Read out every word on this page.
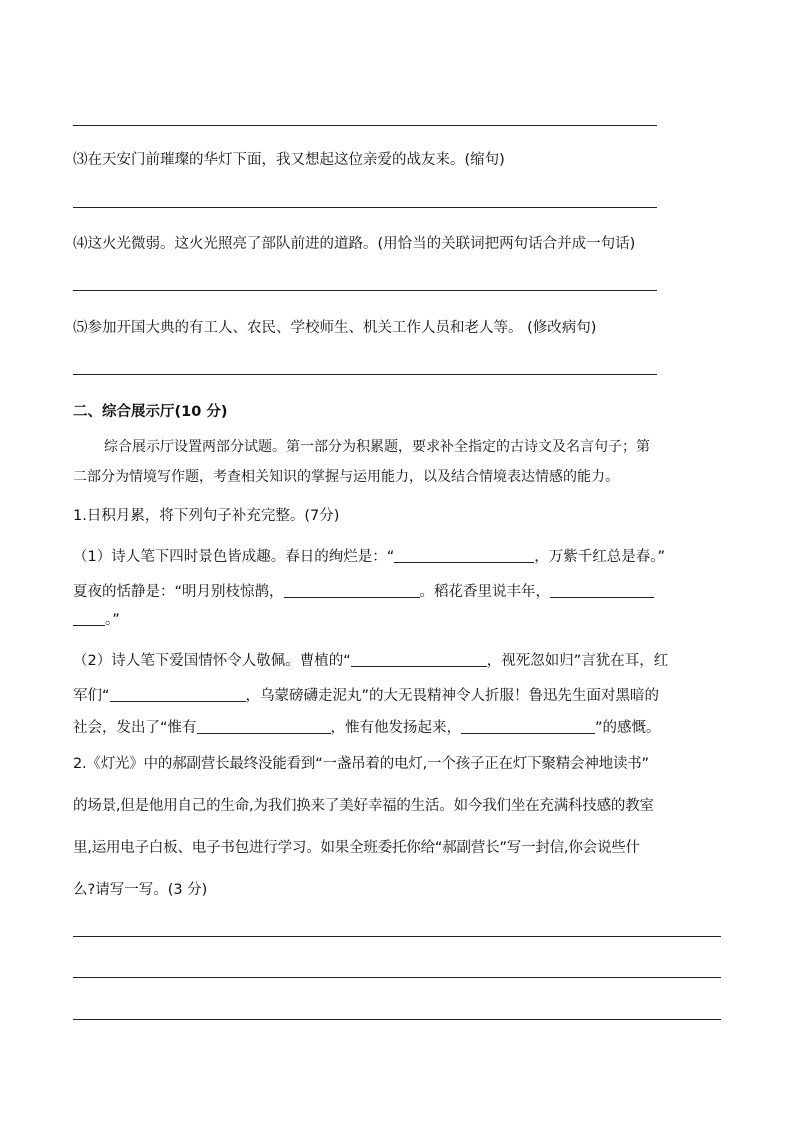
⑶在天安门前璀璨的华灯下面，我又想起这位亲爱的战友来。(缩句)
⑷这火光微弱。这火光照亮了部队前进的道路。(用恰当的关联词把两句话合并成一句话)
⑸参加开国大典的有工人、农民、学校师生、机关工作人员和老人等。 (修改病句)
二、综合展示厅(10 分)
综合展示厅设置两部分试题。第一部分为积累题，要求补全指定的古诗文及名言句子；第
二部分为情境写作题，考查相关知识的掌握与运用能力，以及结合情境表达情感的能力。
1.日积月累，将下列句子补充完整。(7分)
（1）诗人笔下四时景色皆成趣。春日的绚烂是：“	，万紫千红总是春。”
夏夜的恬静是：“明月别枝惊鹊，	。稻花香里说丰年，
。”
（2）诗人笔下爱国情怀令人敬佩。曹植的“	，视死忽如归”言犹在耳，红
军们“	，乌蒙磅礴走泥丸”的大无畏精神令人折服！鲁迅先生面对黑暗的
社会，发出了“惟有	，惟有他发扬起来，	”的感慨。
2.《灯光》中的郝副营长最终没能看到“一盏吊着的电灯,一个孩子正在灯下聚精会神地读书”
的场景,但是他用自己的生命,为我们换来了美好幸福的生活。如今我们坐在充满科技感的教室
里,运用电子白板、电子书包进行学习。如果全班委托你给“郝副营长”写一封信,你会说些什
么?请写一写。(3 分)
